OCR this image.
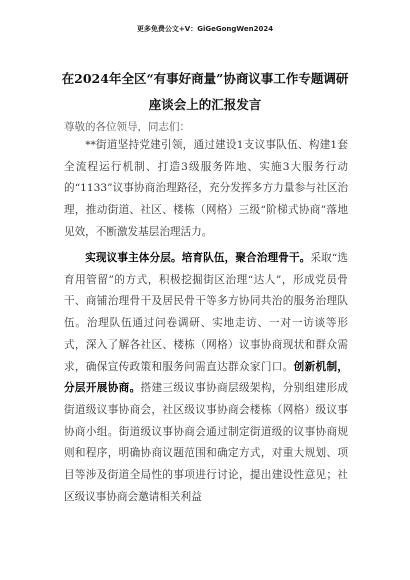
更多免费公文+V：GiGeGongWen2024
在2024年全区“有事好商量”协商议事工作专题调研座谈会上的汇报发言
尊敬的各位领导，同志们：
**街道坚持党建引领，通过建设1支议事队伍、构建1套全流程运行机制、打造3级服务阵地、实施3大服务行动的“1133”议事协商治理路径，充分发挥多方力量参与社区治理，推动街道、社区、楼栋（网格）三级“阶梯式协商”落地见效，不断激发基层治理活力。
实现议事主体分层。培育队伍，聚合治理骨干。采取“选育用管留”的方式，积极挖掘街区治理“达人”，形成党员骨干、商铺治理骨干及居民骨干等多方协同共治的服务治理队伍。治理队伍通过问卷调研、实地走访、一对一访谈等形式，深入了解各社区、楼栋（网格）议事协商现状和群众需求，确保宣传政策和服务问需直达群众家门口。创新机制，分层开展协商。搭建三级议事协商层级架构，分别组建形成街道级议事协商会，社区级议事协商会楼栋（网格）级议事协商小组。街道级议事协商会通过制定街道级的议事协商规则和程序，明确协商议题范围和确定方式，对重大规划、项目等涉及街道全局性的事项进行讨论，提出建设性意见；社区级议事协商会邀请相关利益
